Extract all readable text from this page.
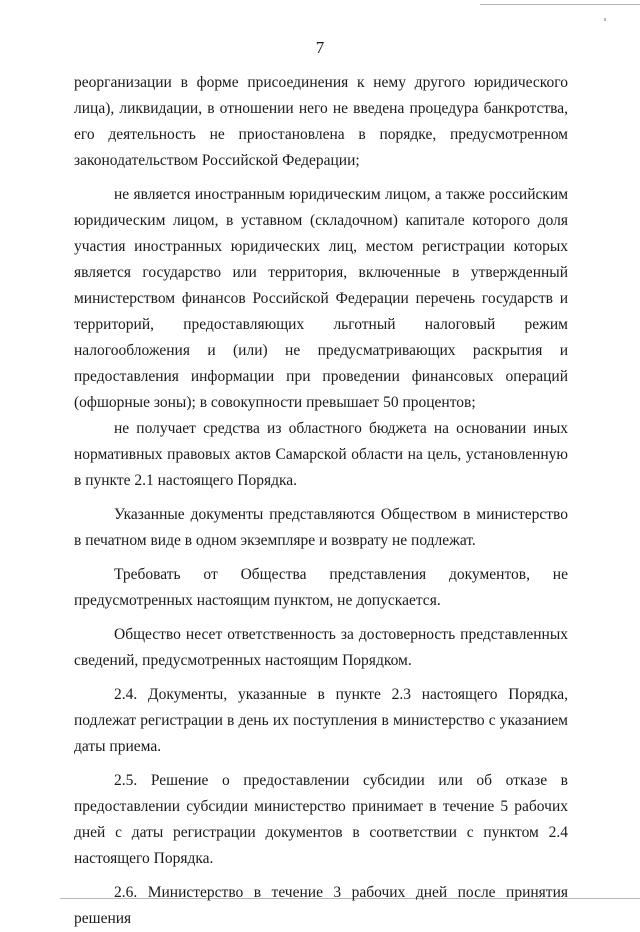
7

реорганизации в форме присоединения к нему другого юридического лица), ликвидации, в отношении него не введена процедура банкротства, его деятельность не приостановлена в порядке, предусмотренном законодательством Российской Федерации;

не является иностранным юридическим лицом, а также российским юридическим лицом, в уставном (складочном) капитале которого доля участия иностранных юридических лиц, местом регистрации которых является государство или территория, включенные в утвержденный министерством финансов Российской Федерации перечень государств и территорий, предоставляющих льготный налоговый режим налогообложения и (или) не предусматривающих раскрытия и предоставления информации при проведении финансовых операций (офшорные зоны); в совокупности превышает 50 процентов;

не получает средства из областного бюджета на основании иных нормативных правовых актов Самарской области на цель, установленную в пункте 2.1 настоящего Порядка.

Указанные документы представляются Обществом в министерство в печатном виде в одном экземпляре и возврату не подлежат.

Требовать от Общества представления документов, не предусмотренных настоящим пунктом, не допускается.

Общество несет ответственность за достоверность представленных сведений, предусмотренных настоящим Порядком.

2.4. Документы, указанные в пункте 2.3 настоящего Порядка, подлежат регистрации в день их поступления в министерство с указанием даты приема.

2.5. Решение о предоставлении субсидии или об отказе в предоставлении субсидии министерство принимает в течение 5 рабочих дней с даты регистрации документов в соответствии с пунктом 2.4 настоящего Порядка.

2.6. Министерство в течение 3 рабочих дней после принятия решения
